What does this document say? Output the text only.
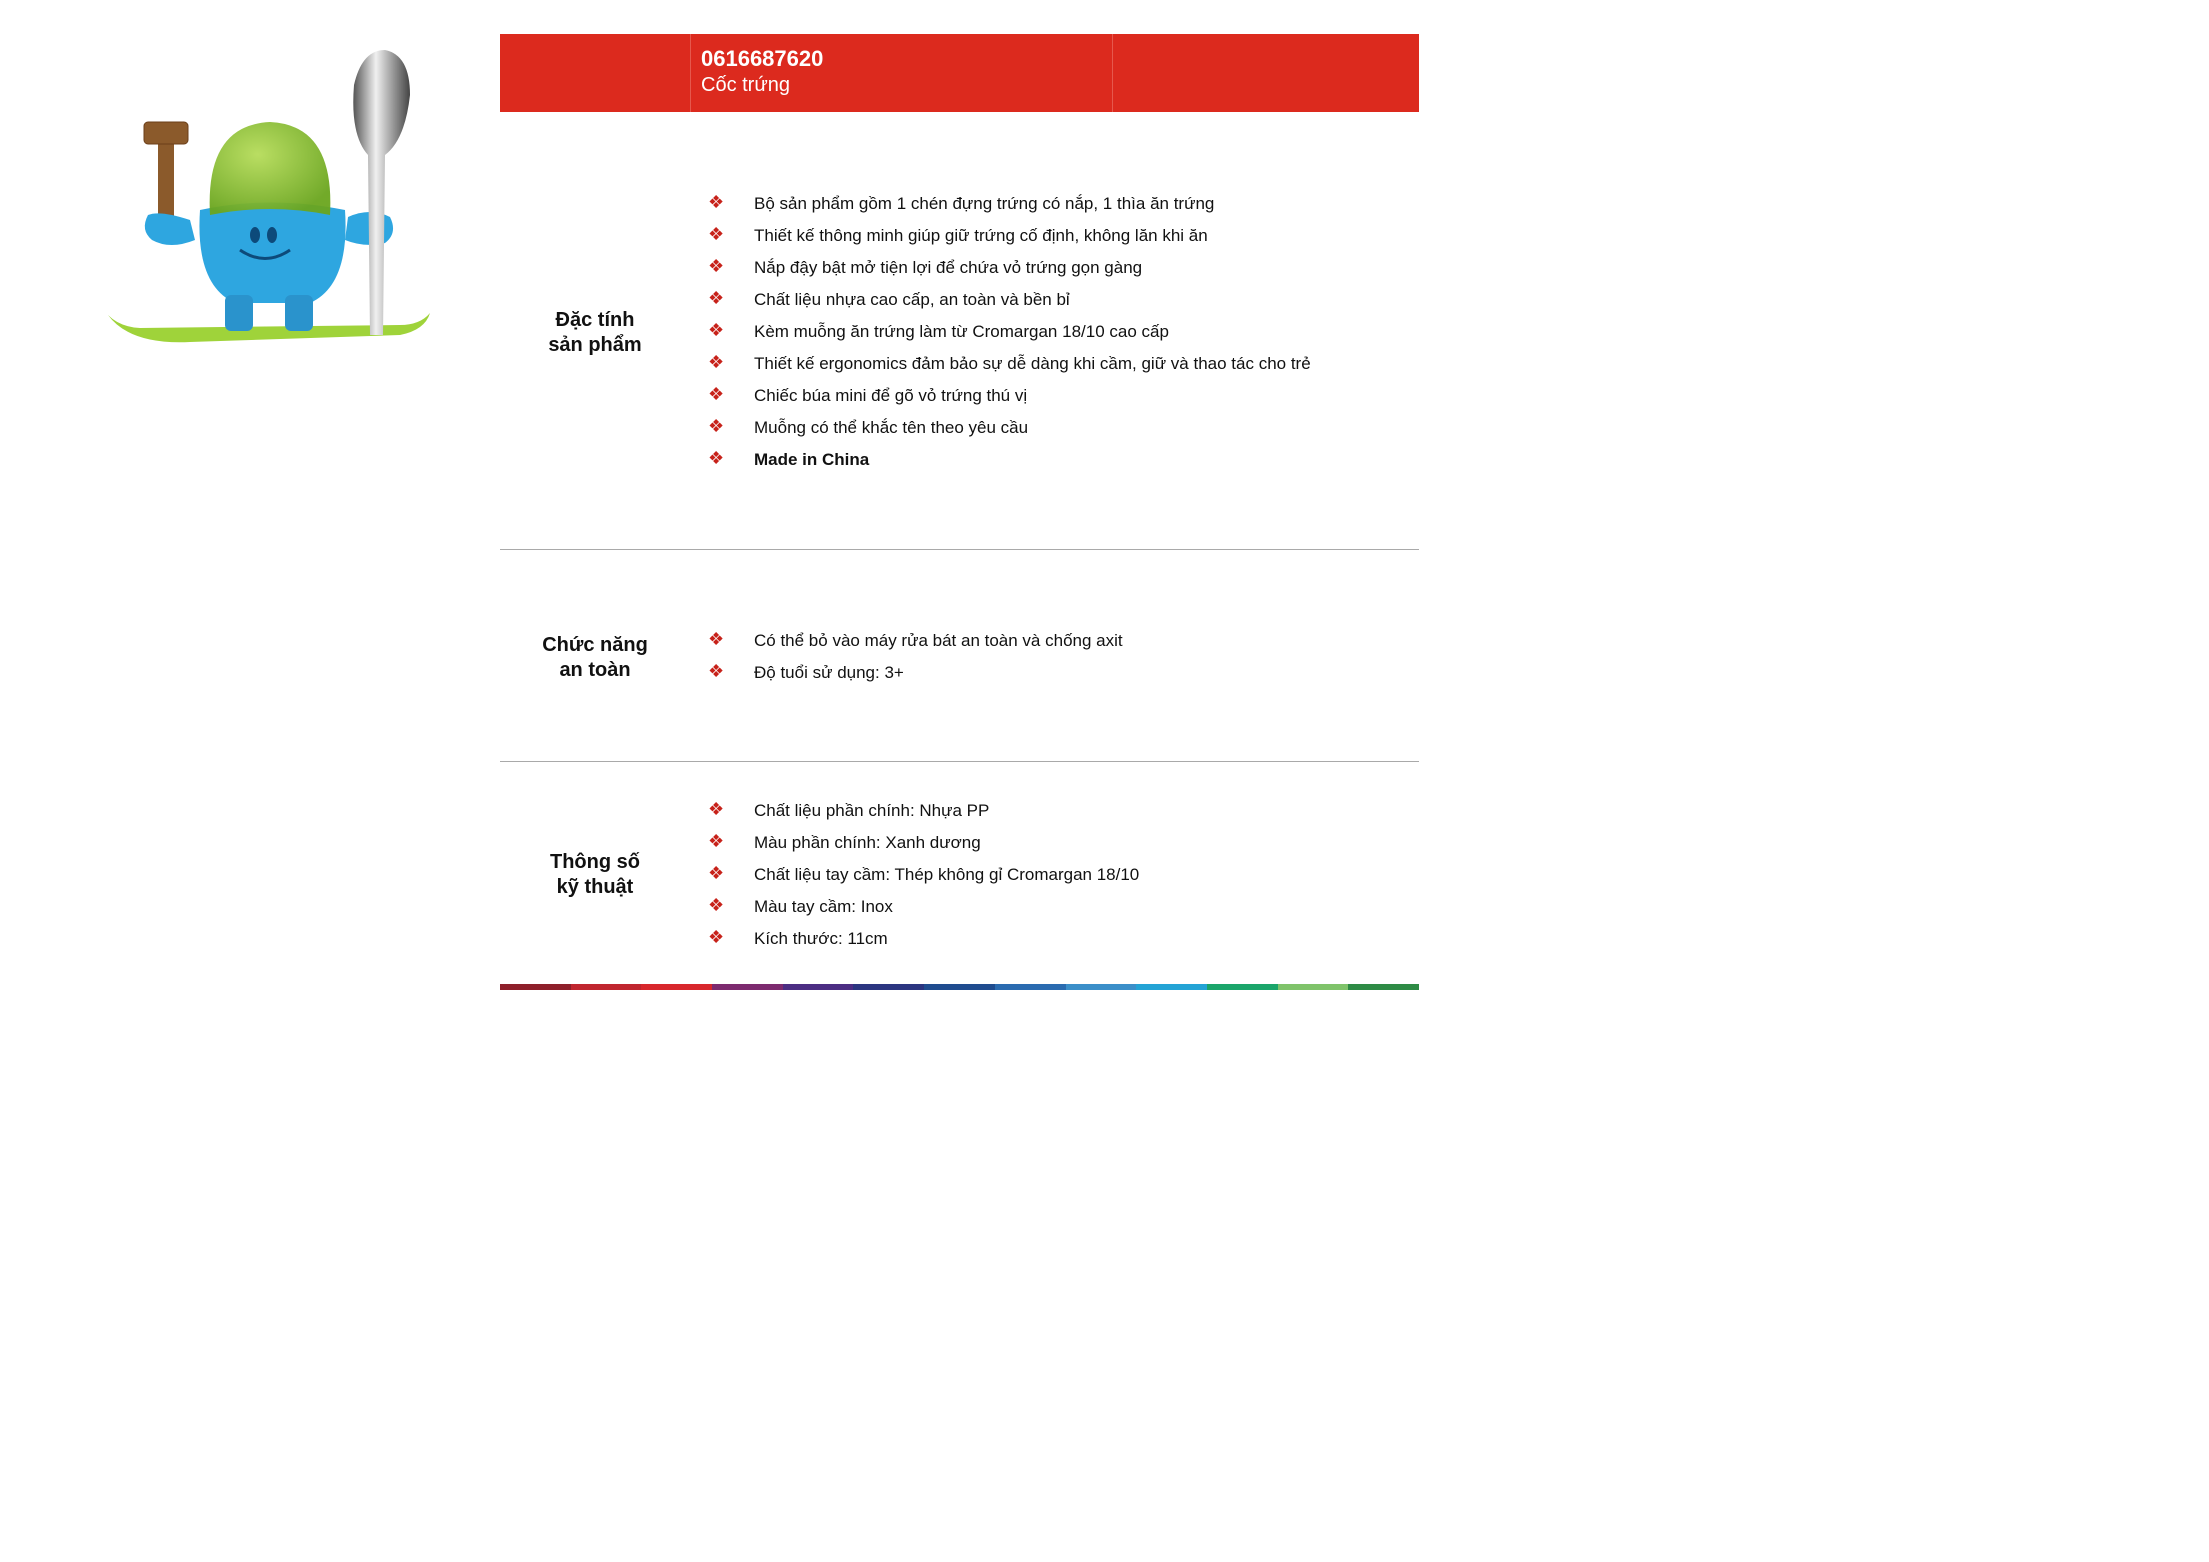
0616687620
Cốc trứng
Đặc tính
sản phẩm
❖ Bộ sản phẩm gồm 1 chén đựng trứng có nắp, 1 thìa ăn trứng
❖ Thiết kế thông minh giúp giữ trứng cố định, không lăn khi ăn
❖ Nắp đậy bật mở tiện lợi để chứa vỏ trứng gọn gàng
❖ Chất liệu nhựa cao cấp, an toàn và bền bỉ
❖ Kèm muỗng ăn trứng làm từ Cromargan 18/10 cao cấp
❖ Thiết kế ergonomics đảm bảo sự dễ dàng khi cầm, giữ và thao tác cho trẻ
❖ Chiếc búa mini để gõ vỏ trứng thú vị
❖ Muỗng có thể khắc tên theo yêu cầu
❖ Made in China
Chức năng
an toàn
❖ Có thể bỏ vào máy rửa bát an toàn và chống axit
❖ Độ tuổi sử dụng: 3+
Thông số
kỹ thuật
❖ Chất liệu phần chính: Nhựa PP
❖ Màu phần chính: Xanh dương
❖ Chất liệu tay cầm: Thép không gỉ Cromargan 18/10
❖ Màu tay cầm: Inox
❖ Kích thước: 11cm
